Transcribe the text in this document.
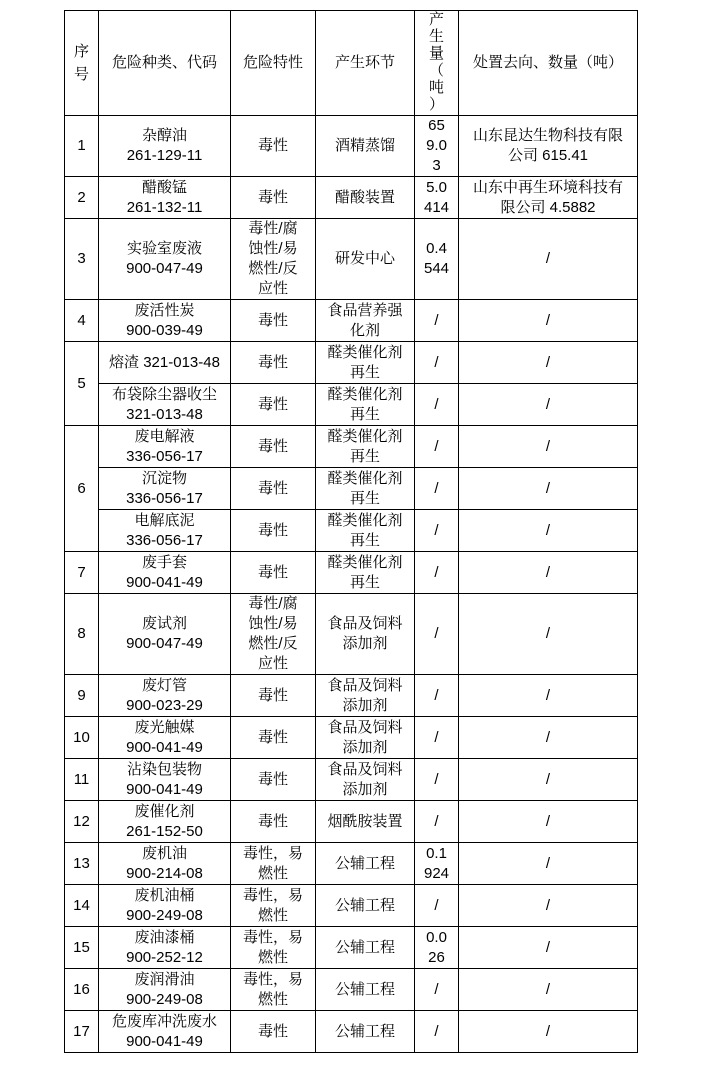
序号	危险种类、代码	危险特性	产生环节	产生量（吨）	处置去向、数量（吨）
1	杂醇油 261-129-11	毒性	酒精蒸馏	659.03	山东昆达生物科技有限公司 615.41
2	醋酸锰 261-132-11	毒性	醋酸装置	5.0414	山东中再生环境科技有限公司 4.5882
3	实验室废液 900-047-49	毒性/腐蚀性/易燃性/反应性	研发中心	0.4544	/
4	废活性炭 900-039-49	毒性	食品营养强化剂	/	/
5	熔渣 321-013-48	毒性	醛类催化剂再生	/	/
	布袋除尘器收尘 321-013-48	毒性	醛类催化剂再生	/	/
6	废电解液 336-056-17	毒性	醛类催化剂再生	/	/
	沉淀物 336-056-17	毒性	醛类催化剂再生	/	/
	电解底泥 336-056-17	毒性	醛类催化剂再生	/	/
7	废手套 900-041-49	毒性	醛类催化剂再生	/	/
8	废试剂 900-047-49	毒性/腐蚀性/易燃性/反应性	食品及饲料添加剂	/	/
9	废灯管 900-023-29	毒性	食品及饲料添加剂	/	/
10	废光触媒 900-041-49	毒性	食品及饲料添加剂	/	/
11	沾染包装物 900-041-49	毒性	食品及饲料添加剂	/	/
12	废催化剂 261-152-50	毒性	烟酰胺装置	/	/
13	废机油 900-214-08	毒性，易燃性	公辅工程	0.1924	/
14	废机油桶 900-249-08	毒性，易燃性	公辅工程	/	/
15	废油漆桶 900-252-12	毒性，易燃性	公辅工程	0.026	/
16	废润滑油 900-249-08	毒性，易燃性	公辅工程	/	/
17	危废库冲洗废水 900-041-49	毒性	公辅工程	/	/
